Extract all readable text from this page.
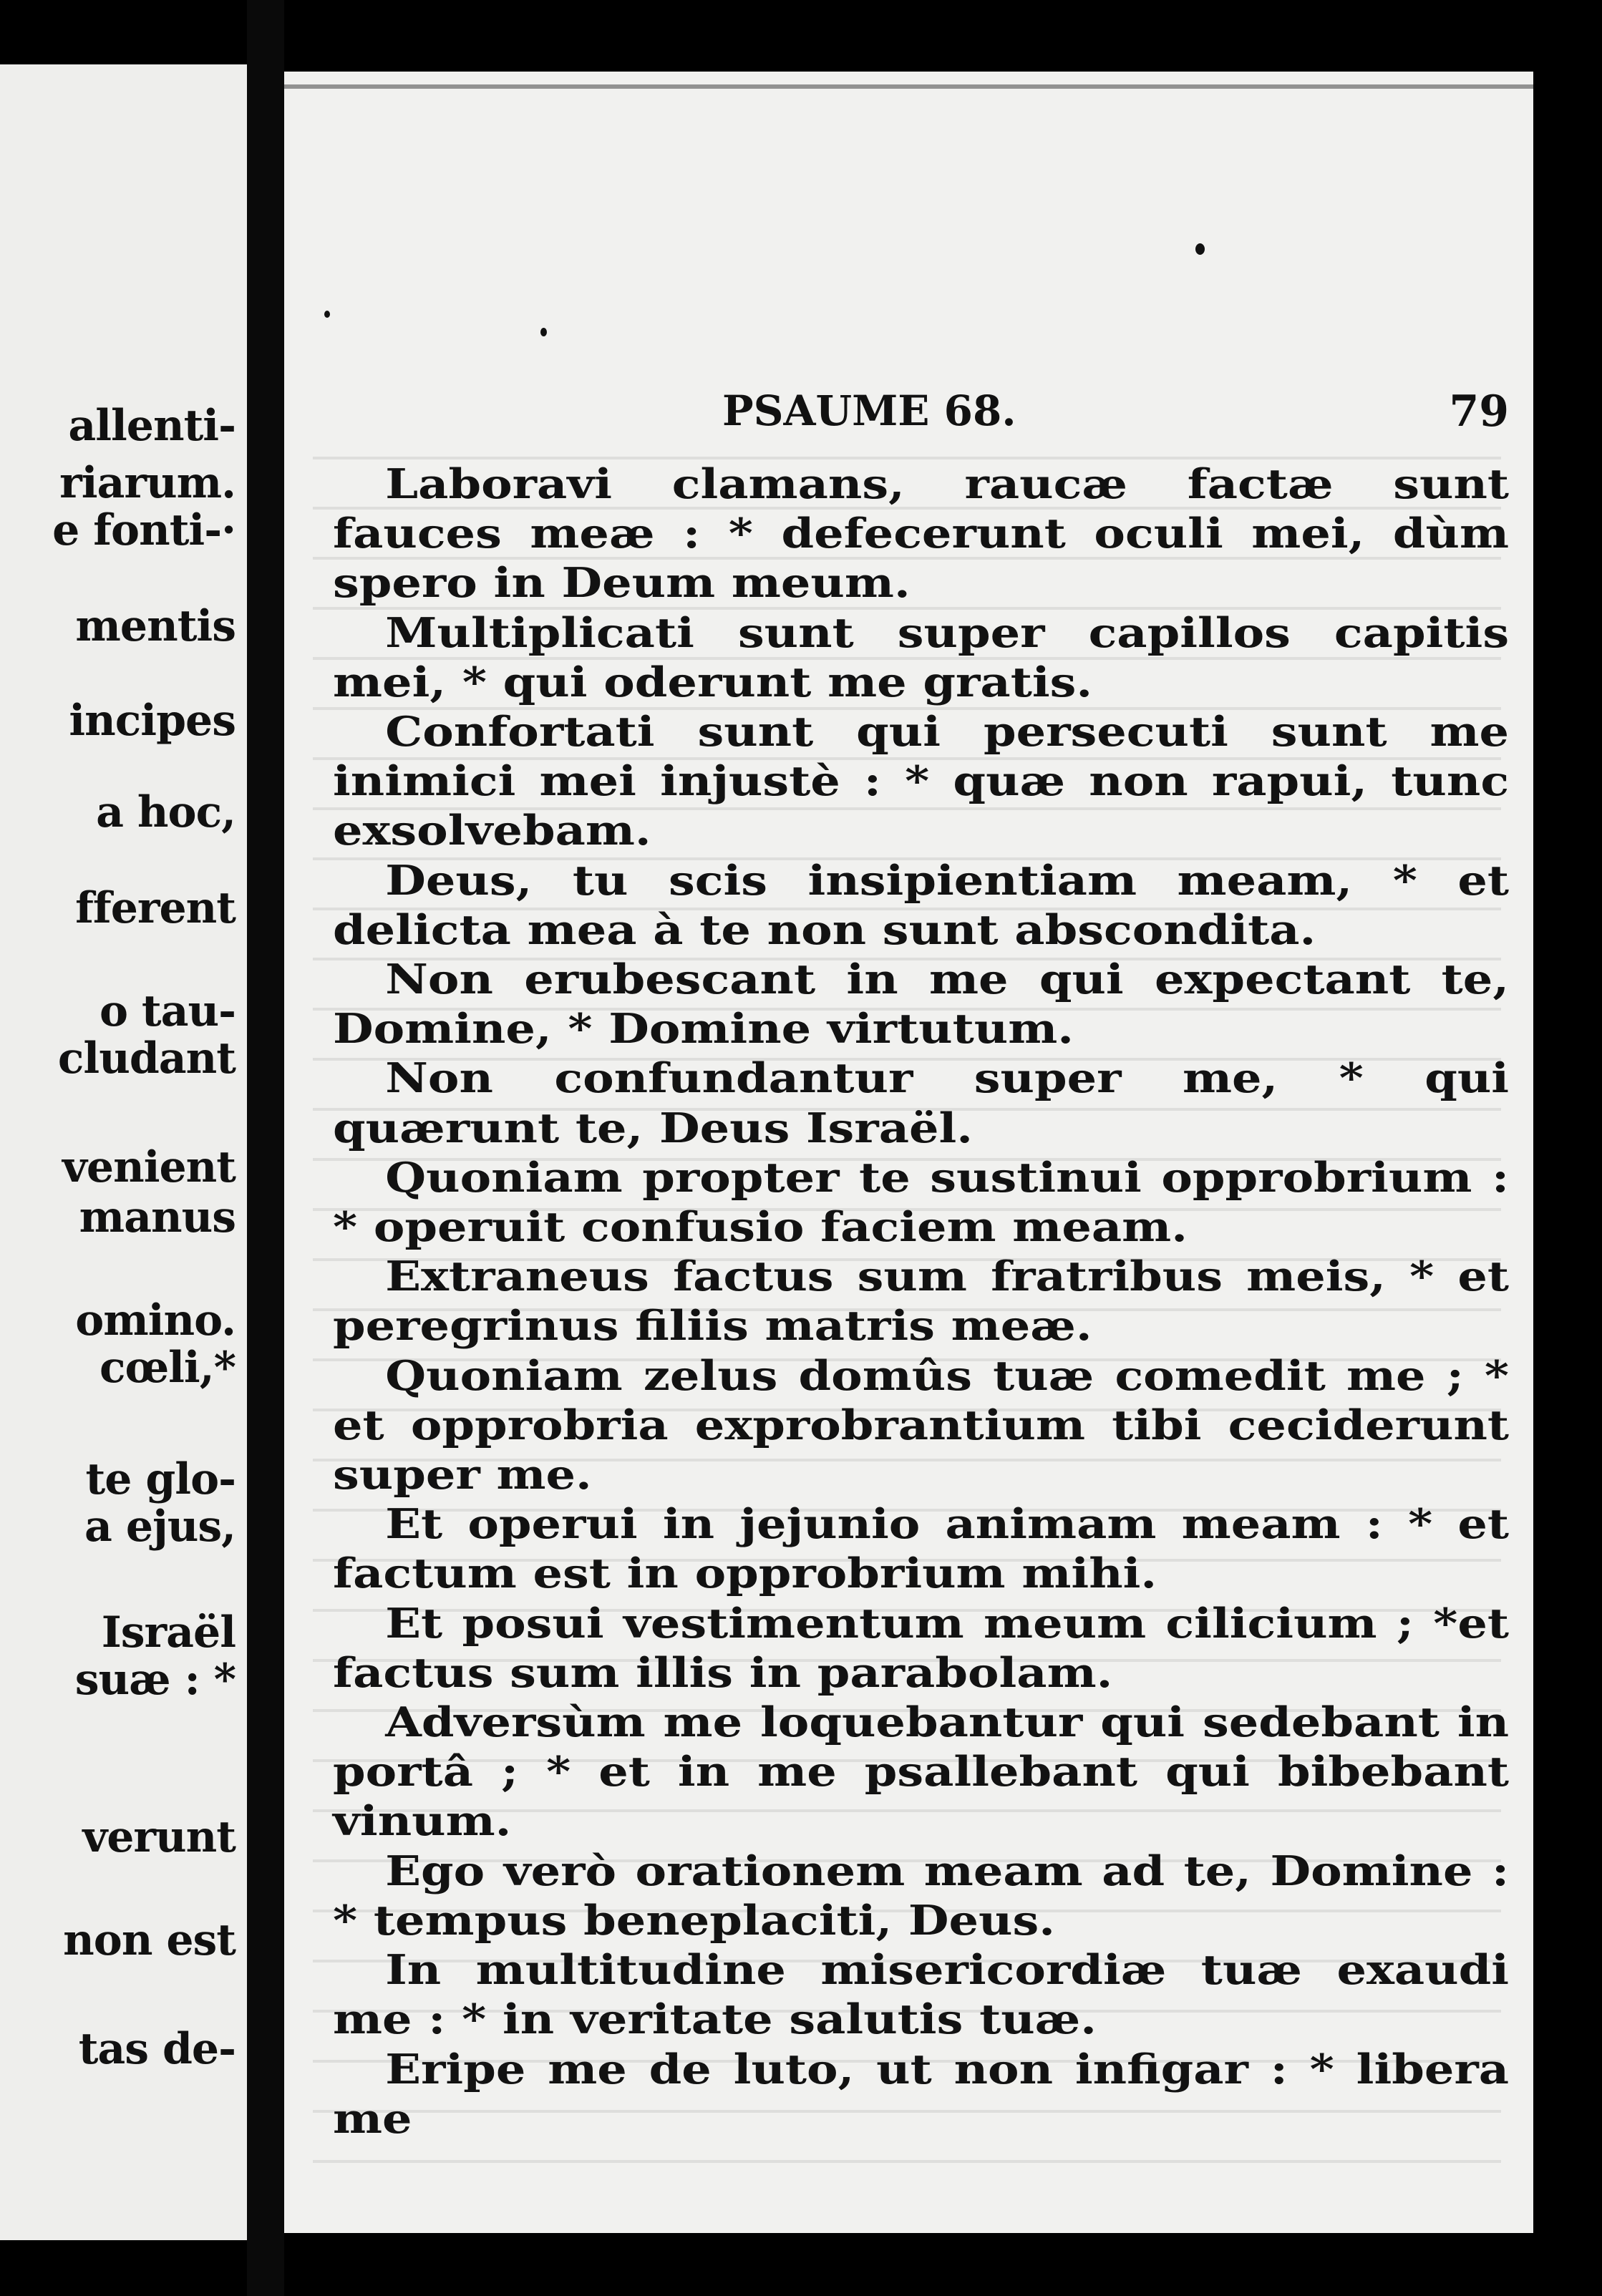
allenti-
riarum.
e fonti-·
mentis
incipes
a hoc,
fferent
o tau-
cludant
venient
manus
omino.
cœli,*
te glo-
a ejus,
Israël
suæ : *
verunt
non est
tas de-
PSAUME 68.	79

Laboravi clamans, raucæ factæ sunt fauces meæ : * defecerunt oculi mei, dùm spero in Deum meum.

Multiplicati sunt super capillos capitis mei, * qui oderunt me gratis.

Confortati sunt qui persecuti sunt me inimici mei injustè : * quæ non rapui, tunc exsolvebam.

Deus, tu scis insipientiam meam, * et delicta mea à te non sunt abscondita.

Non erubescant in me qui expectant te, Domine, * Domine virtutum.

Non confundantur super me, * qui quærunt te, Deus Israël.

Quoniam propter te sustinui opprobrium : * operuit confusio faciem meam.

Extraneus factus sum fratribus meis, * et peregrinus filiis matris meæ.

Quoniam zelus domûs tuæ comedit me ; * et opprobria exprobrantium tibi ceciderunt super me.

Et operui in jejunio animam meam : * et factum est in opprobrium mihi.

Et posui vestimentum meum cilicium ; *et factus sum illis in parabolam.

Adversùm me loquebantur qui sedebant in portâ ; * et in me psallebant qui bibebant vinum.

Ego verò orationem meam ad te, Domine : * tempus beneplaciti, Deus.

In multitudine misericordiæ tuæ exaudi me : * in veritate salutis tuæ.

Eripe me de luto, ut non infigar : * libera me
